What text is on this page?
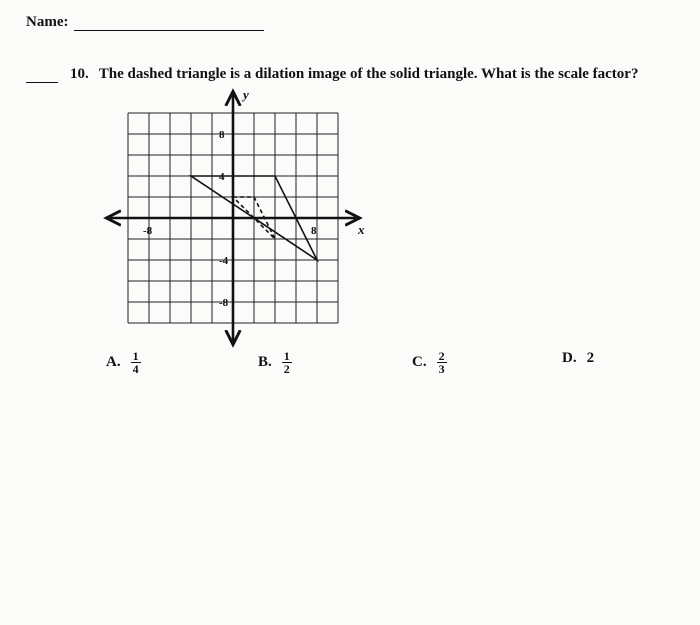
Name:
10. The dashed triangle is a dilation image of the solid triangle. What is the scale factor?
-8	8
8
4
-4
-8
y
x
A. $\frac{1}{4}$	B. $\frac{1}{2}$	C. $\frac{2}{3}$	D. 2
